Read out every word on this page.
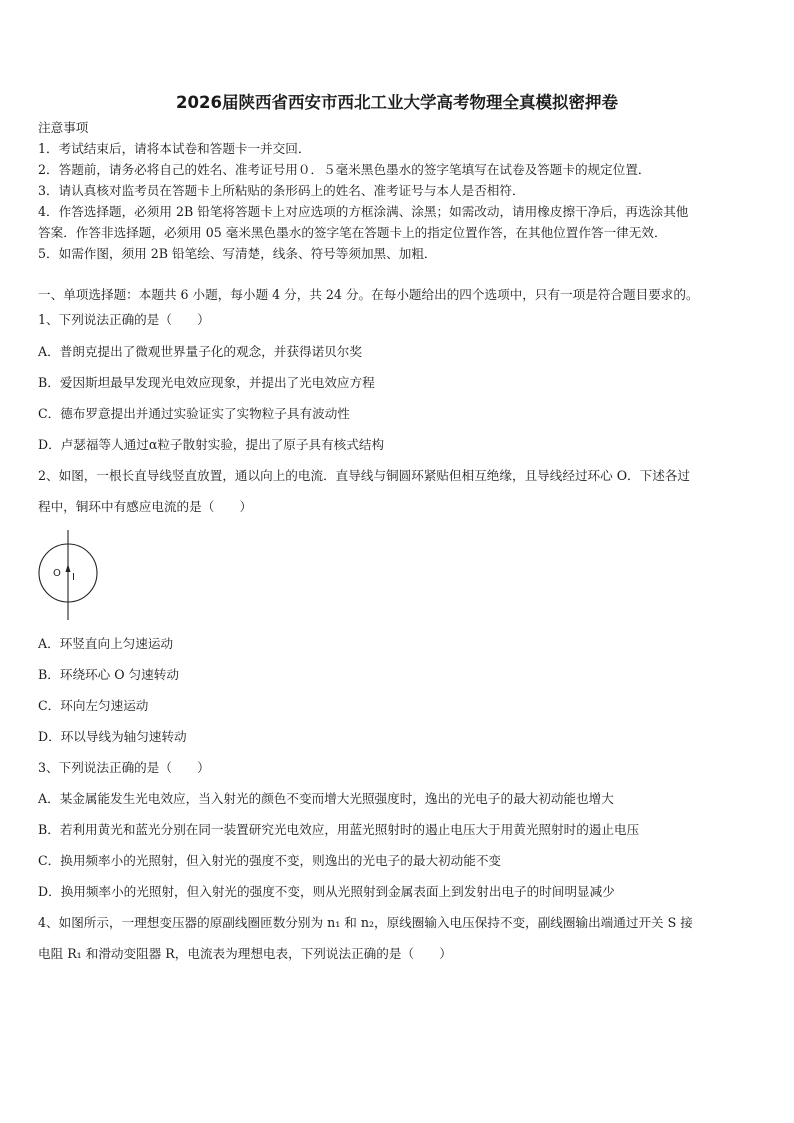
2026届陕西省西安市西北工业大学高考物理全真模拟密押卷
注意事项
1．考试结束后，请将本试卷和答题卡一并交回．
2．答题前，请务必将自己的姓名、准考证号用０．５毫米黑色墨水的签字笔填写在试卷及答题卡的规定位置．
3．请认真核对监考员在答题卡上所粘贴的条形码上的姓名、准考证号与本人是否相符．
4．作答选择题，必须用 2B 铅笔将答题卡上对应选项的方框涂满、涂黑；如需改动，请用橡皮擦干净后，再选涂其他
答案．作答非选择题，必须用 05 毫米黑色墨水的签字笔在答题卡上的指定位置作答，在其他位置作答一律无效．
5．如需作图，须用 2B 铅笔绘、写清楚，线条、符号等须加黑、加粗．
一、单项选择题：本题共 6 小题，每小题 4 分，共 24 分。在每小题给出的四个选项中，只有一项是符合题目要求的。
1、下列说法正确的是（　　）
A．普朗克提出了微观世界量子化的观念，并获得诺贝尔奖
B．爱因斯坦最早发现光电效应现象，并提出了光电效应方程
C．德布罗意提出并通过实验证实了实物粒子具有波动性
D．卢瑟福等人通过α粒子散射实验，提出了原子具有核式结构
2、如图，一根长直导线竖直放置，通以向上的电流．直导线与铜圆环紧贴但相互绝缘，且导线经过环心 O．下述各过
程中，铜环中有感应电流的是（　　）
O I
A．环竖直向上匀速运动
B．环绕环心 O 匀速转动
C．环向左匀速运动
D．环以导线为轴匀速转动
3、下列说法正确的是（　　）
A．某金属能发生光电效应，当入射光的颜色不变而增大光照强度时，逸出的光电子的最大初动能也增大
B．若利用黄光和蓝光分别在同一装置研究光电效应，用蓝光照射时的遏止电压大于用黄光照射时的遏止电压
C．换用频率小的光照射，但入射光的强度不变，则逸出的光电子的最大初动能不变
D．换用频率小的光照射，但入射光的强度不变，则从光照射到金属表面上到发射出电子的时间明显减少
4、如图所示，一理想变压器的原副线圈匝数分别为 n₁ 和 n₂，原线圈输入电压保持不变，副线圈输出端通过开关 S 接
电阻 R₁ 和滑动变阻器 R，电流表为理想电表，下列说法正确的是（　　）
